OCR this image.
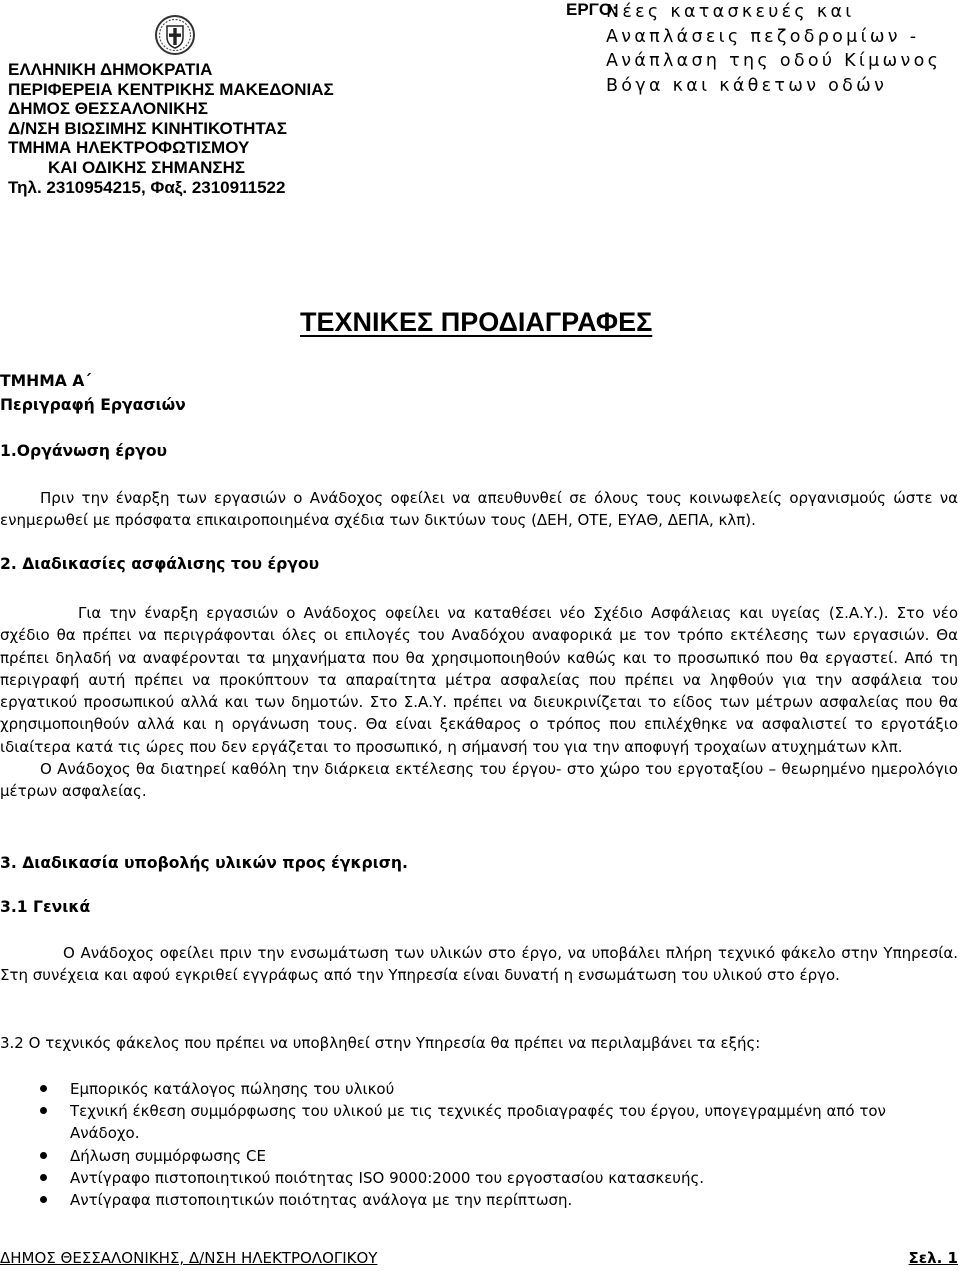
ΕΛΛΗΝΙΚΗ ΔΗΜΟΚΡΑΤΙΑ
ΠΕΡΙΦΕΡΕΙΑ ΚΕΝΤΡΙΚΗΣ ΜΑΚΕΔΟΝΙΑΣ
ΔΗΜΟΣ ΘΕΣΣΑΛΟΝΙΚΗΣ
Δ/ΝΣΗ ΒΙΩΣΙΜΗΣ ΚΙΝΗΤΙΚΟΤΗΤΑΣ
ΤΜΗΜΑ ΗΛΕΚΤΡΟΦΩΤΙΣΜΟΥ
ΚΑΙ ΟΔΙΚΗΣ ΣΗΜΑΝΣΗΣ
Τηλ. 2310954215, Φαξ. 2310911522
ΕΡΓΟ:
Νέες κατασκευές και Αναπλάσεις πεζοδρομίων - Ανάπλαση της οδού Κίμωνος Βόγα και κάθετων οδών
ΤΕΧΝΙΚΕΣ ΠΡΟΔΙΑΓΡΑΦΕΣ
ΤΜΗΜΑ Α΄
Περιγραφή Εργασιών
1.Οργάνωση έργου
Πριν την έναρξη των εργασιών ο Ανάδοχος οφείλει να απευθυνθεί σε όλους τους κοινωφελείς οργανισμούς ώστε να ενημερωθεί με πρόσφατα επικαιροποιημένα σχέδια των δικτύων τους (ΔΕΗ, ΟΤΕ, ΕΥΑΘ, ΔΕΠΑ, κλπ).
2. Διαδικασίες ασφάλισης του έργου

Για την έναρξη εργασιών ο Ανάδοχος οφείλει να καταθέσει νέο Σχέδιο Ασφάλειας και υγείας (Σ.Α.Υ.). Στο νέο σχέδιο θα πρέπει να περιγράφονται όλες οι επιλογές του Αναδόχου αναφορικά με τον τρόπο εκτέλεσης των εργασιών. Θα πρέπει δηλαδή να αναφέρονται τα μηχανήματα που θα χρησιμοποιηθούν καθώς και το προσωπικό που θα εργαστεί. Από τη περιγραφή αυτή πρέπει να προκύπτουν τα απαραίτητα μέτρα ασφαλείας που πρέπει να ληφθούν για την ασφάλεια του εργατικού προσωπικού αλλά και των δημοτών. Στο Σ.Α.Υ. πρέπει να διευκρινίζεται το είδος των μέτρων ασφαλείας που θα χρησιμοποιηθούν αλλά και η οργάνωση τους. Θα είναι ξεκάθαρος ο τρόπος που επιλέχθηκε να ασφαλιστεί το εργοτάξιο ιδιαίτερα κατά τις ώρες που δεν εργάζεται το προσωπικό, η σήμανσή του για την αποφυγή τροχαίων ατυχημάτων κλπ.

Ο Ανάδοχος θα διατηρεί καθόλη την διάρκεια εκτέλεσης του έργου- στο χώρο του εργοταξίου – θεωρημένο ημερολόγιο μέτρων ασφαλείας.

3. Διαδικασία υποβολής υλικών προς έγκριση.
3.1 Γενικά
Ο Ανάδοχος οφείλει πριν την ενσωμάτωση των υλικών στο έργο, να υποβάλει πλήρη τεχνικό φάκελο στην Υπηρεσία. Στη συνέχεια και αφού εγκριθεί εγγράφως από την Υπηρεσία είναι δυνατή η ενσωμάτωση του υλικού στο έργο.
3.2 Ο τεχνικός φάκελος που πρέπει να υποβληθεί στην Υπηρεσία θα πρέπει να περιλαμβάνει τα εξής:
Εμπορικός κατάλογος πώλησης του υλικού
Τεχνική έκθεση συμμόρφωσης του υλικού με τις τεχνικές προδιαγραφές του έργου, υπογεγραμμένη από τον Ανάδοχο.
Δήλωση συμμόρφωσης CE
Αντίγραφο πιστοποιητικού ποιότητας ISO 9000:2000 του εργοστασίου κατασκευής.
Αντίγραφα πιστοποιητικών ποιότητας ανάλογα με την περίπτωση.
ΔΗΜΟΣ ΘΕΣΣΑΛΟΝΙΚΗΣ, Δ/ΝΣΗ ΗΛΕΚΤΡΟΛΟΓΙΚΟΥ	Σελ. 1
